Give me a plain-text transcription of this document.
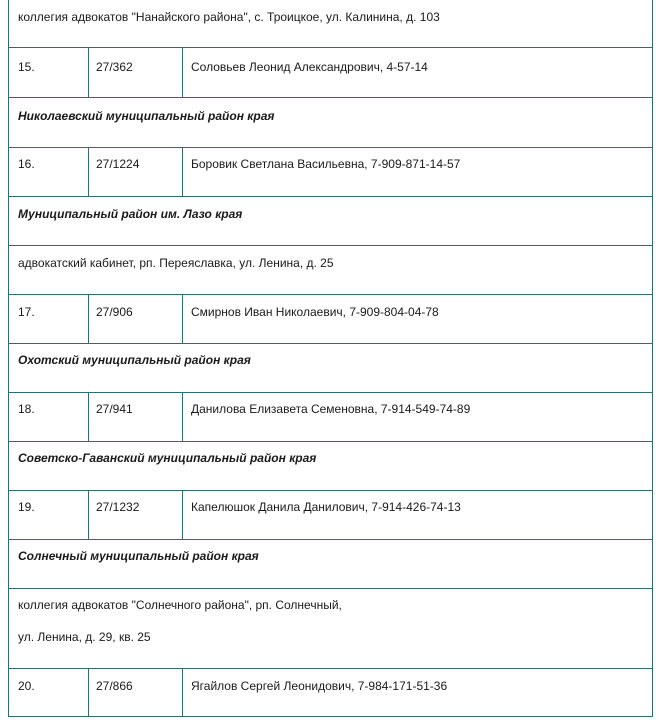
коллегия адвокатов "Нанайского района", с. Троицкое, ул. Калинина, д. 103
15.	27/362	Соловьев Леонид Александрович, 4-57-14
Николаевский муниципальный район края
16.	27/1224	Боровик Светлана Васильевна, 7-909-871-14-57
Муниципальный район им. Лазо края
адвокатский кабинет, рп. Переяславка, ул. Ленина, д. 25
17.	27/906	Смирнов Иван Николаевич, 7-909-804-04-78
Охотский муниципальный район края
18.	27/941	Данилова Елизавета Семеновна, 7-914-549-74-89
Советско-Гаванский муниципальный район края
19.	27/1232	Капелюшок Данила Данилович, 7-914-426-74-13
Солнечный муниципальный район края
коллегия адвокатов "Солнечного района", рп. Солнечный,
ул. Ленина, д. 29, кв. 25
20.	27/866	Ягайлов Сергей Леонидович, 7-984-171-51-36
